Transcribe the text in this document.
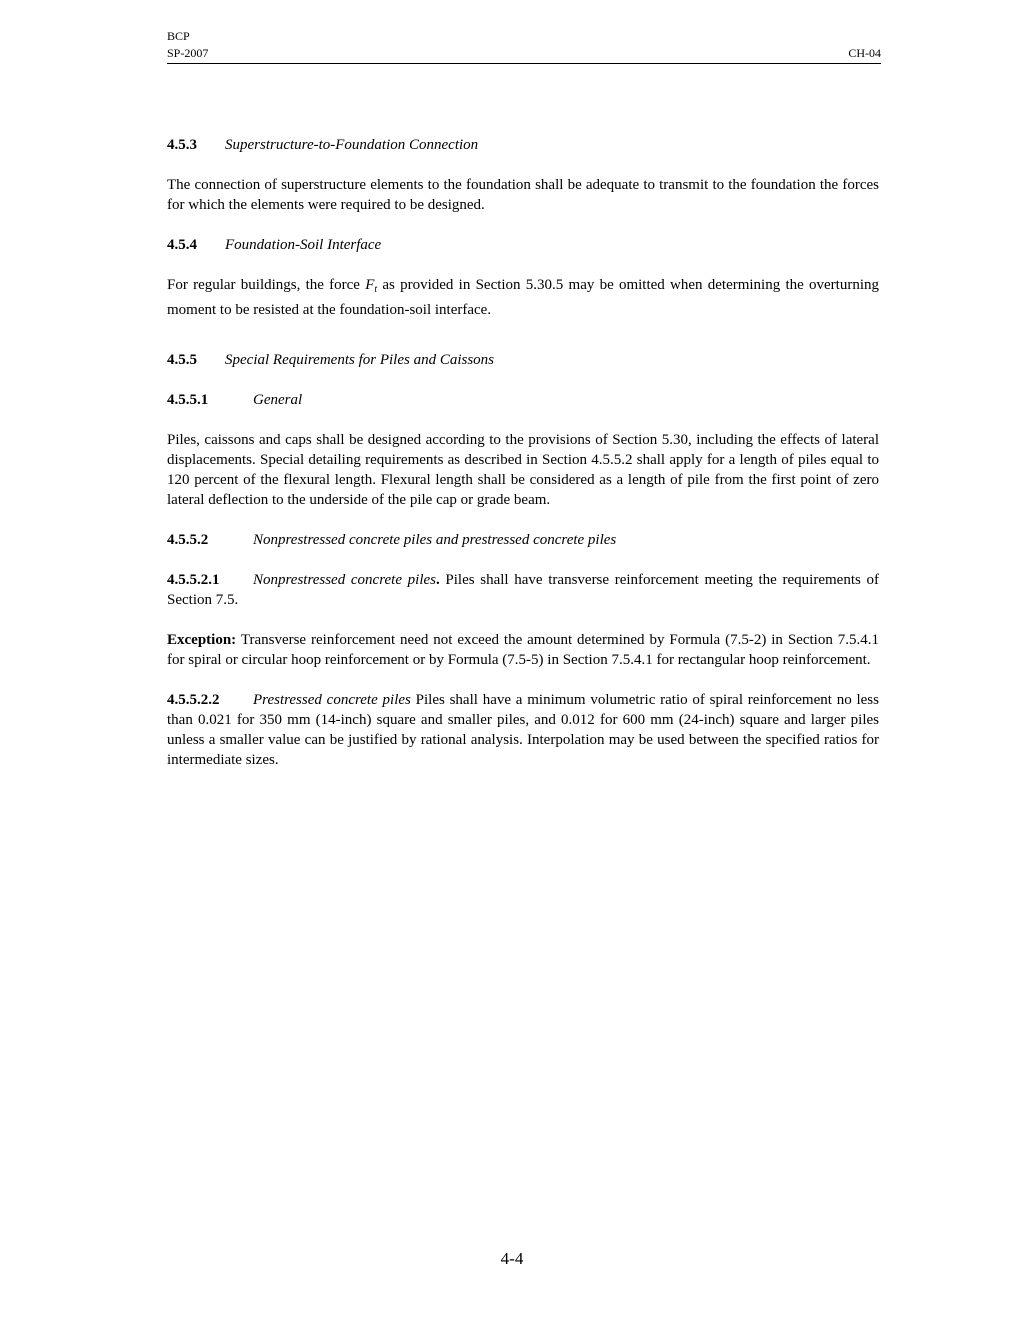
BCP
SP-2007	CH-04
4.5.3	Superstructure-to-Foundation Connection

The connection of superstructure elements to the foundation shall be adequate to transmit to the foundation the forces for which the elements were required to be designed.

4.5.4	Foundation-Soil Interface

For regular buildings, the force $F_t$ as provided in Section 5.30.5 may be omitted when determining the overturning moment to be resisted at the foundation-soil interface.

4.5.5	Special Requirements for Piles and Caissons
4.5.5.1	General

Piles, caissons and caps shall be designed according to the provisions of Section 5.30, including the effects of lateral displacements. Special detailing requirements as described in Section 4.5.5.2 shall apply for a length of piles equal to 120 percent of the flexural length. Flexural length shall be considered as a length of pile from the first point of zero lateral deflection to the underside of the pile cap or grade beam.

4.5.5.2	Nonprestressed concrete piles and prestressed concrete piles

4.5.5.2.1 Nonprestressed concrete piles. Piles shall have transverse reinforcement meeting the requirements of Section 7.5.

Exception: Transverse reinforcement need not exceed the amount determined by Formula (7.5-2) in Section 7.5.4.1 for spiral or circular hoop reinforcement or by Formula (7.5-5) in Section 7.5.4.1 for rectangular hoop reinforcement.

4.5.5.2.2 Prestressed concrete piles Piles shall have a minimum volumetric ratio of spiral reinforcement no less than 0.021 for 350 mm (14-inch) square and smaller piles, and 0.012 for 600 mm (24-inch) square and larger piles unless a smaller value can be justified by rational analysis. Interpolation may be used between the specified ratios for intermediate sizes.

4-4
